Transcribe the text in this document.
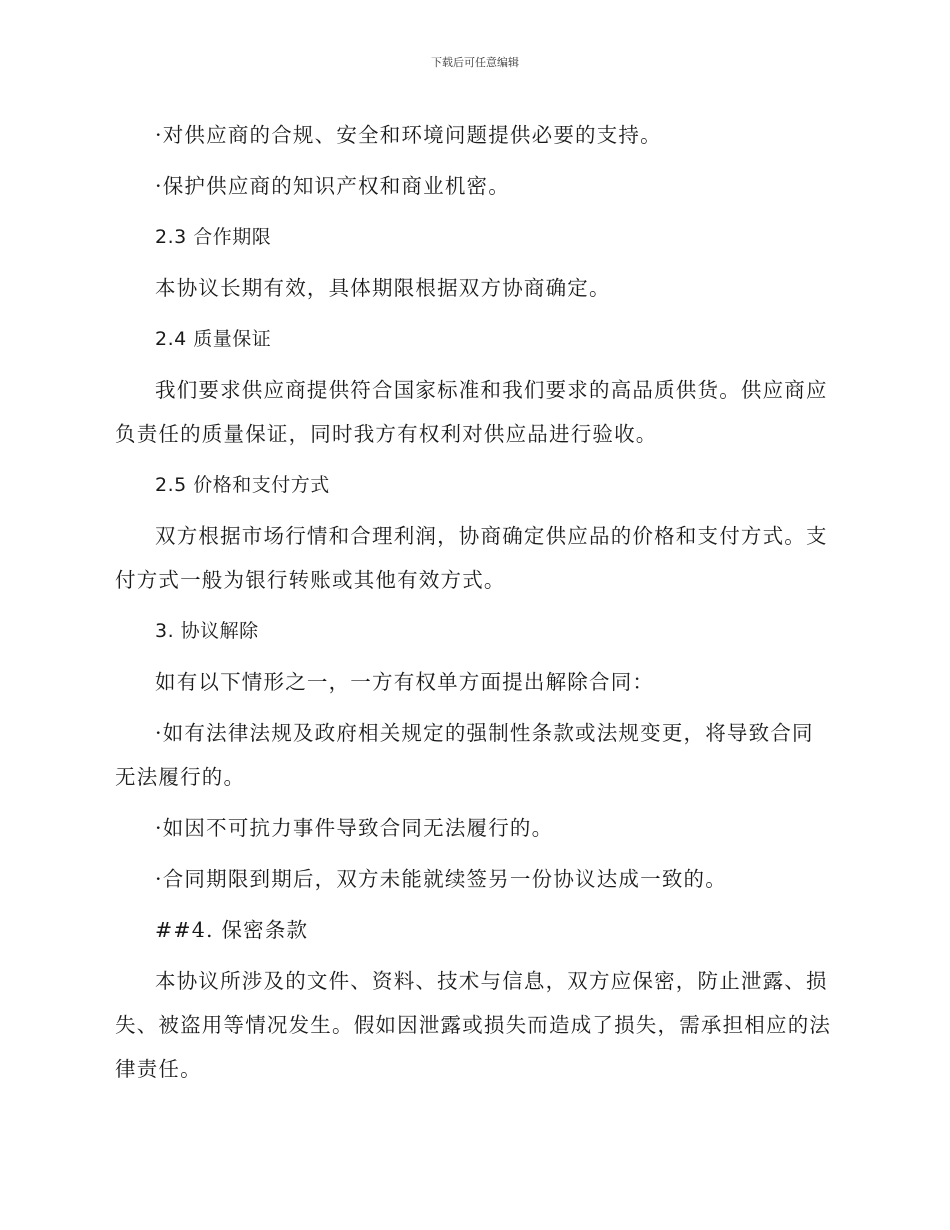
下载后可任意编辑

·对供应商的合规、安全和环境问题提供必要的支持。

·保护供应商的知识产权和商业机密。

2.3 合作期限

本协议长期有效，具体期限根据双方协商确定。

2.4 质量保证

我们要求供应商提供符合国家标准和我们要求的高品质供货。供应商应

负责任的质量保证，同时我方有权利对供应品进行验收。

2.5 价格和支付方式

双方根据市场行情和合理利润，协商确定供应品的价格和支付方式。支

付方式一般为银行转账或其他有效方式。

3. 协议解除

如有以下情形之一，一方有权单方面提出解除合同：

·如有法律法规及政府相关规定的强制性条款或法规变更，将导致合同

无法履行的。

·如因不可抗力事件导致合同无法履行的。

·合同期限到期后，双方未能就续签另一份协议达成一致的。

##4. 保密条款

本协议所涉及的文件、资料、技术与信息，双方应保密，防止泄露、损

失、被盗用等情况发生。假如因泄露或损失而造成了损失，需承担相应的法

律责任。
